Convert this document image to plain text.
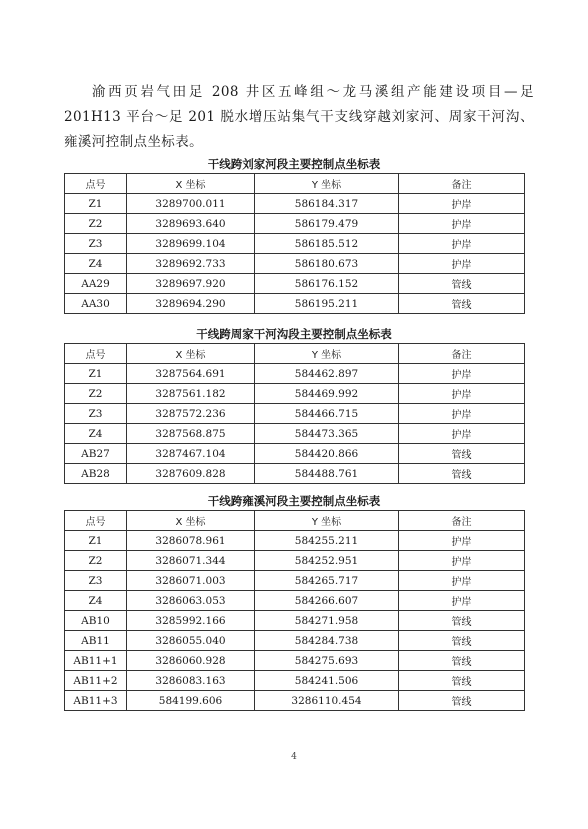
渝西页岩气田足 208 井区五峰组～龙马溪组产能建设项目—足 201H13 平台～足 201 脱水增压站集气干支线穿越刘家河、周家干河沟、雍溪河控制点坐标表。

干线跨刘家河段主要控制点坐标表
点号	X 坐标	Y 坐标	备注
Z1	3289700.011	586184.317	护岸
Z2	3289693.640	586179.479	护岸
Z3	3289699.104	586185.512	护岸
Z4	3289692.733	586180.673	护岸
AA29	3289697.920	586176.152	管线
AA30	3289694.290	586195.211	管线
干线跨周家干河沟段主要控制点坐标表
点号	X 坐标	Y 坐标	备注
Z1	3287564.691	584462.897	护岸
Z2	3287561.182	584469.992	护岸
Z3	3287572.236	584466.715	护岸
Z4	3287568.875	584473.365	护岸
AB27	3287467.104	584420.866	管线
AB28	3287609.828	584488.761	管线
干线跨雍溪河段主要控制点坐标表
点号	X 坐标	Y 坐标	备注
Z1	3286078.961	584255.211	护岸
Z2	3286071.344	584252.951	护岸
Z3	3286071.003	584265.717	护岸
Z4	3286063.053	584266.607	护岸
AB10	3285992.166	584271.958	管线
AB11	3286055.040	584284.738	管线
AB11+1	3286060.928	584275.693	管线
AB11+2	3286083.163	584241.506	管线
AB11+3	584199.606	3286110.454	管线
4
